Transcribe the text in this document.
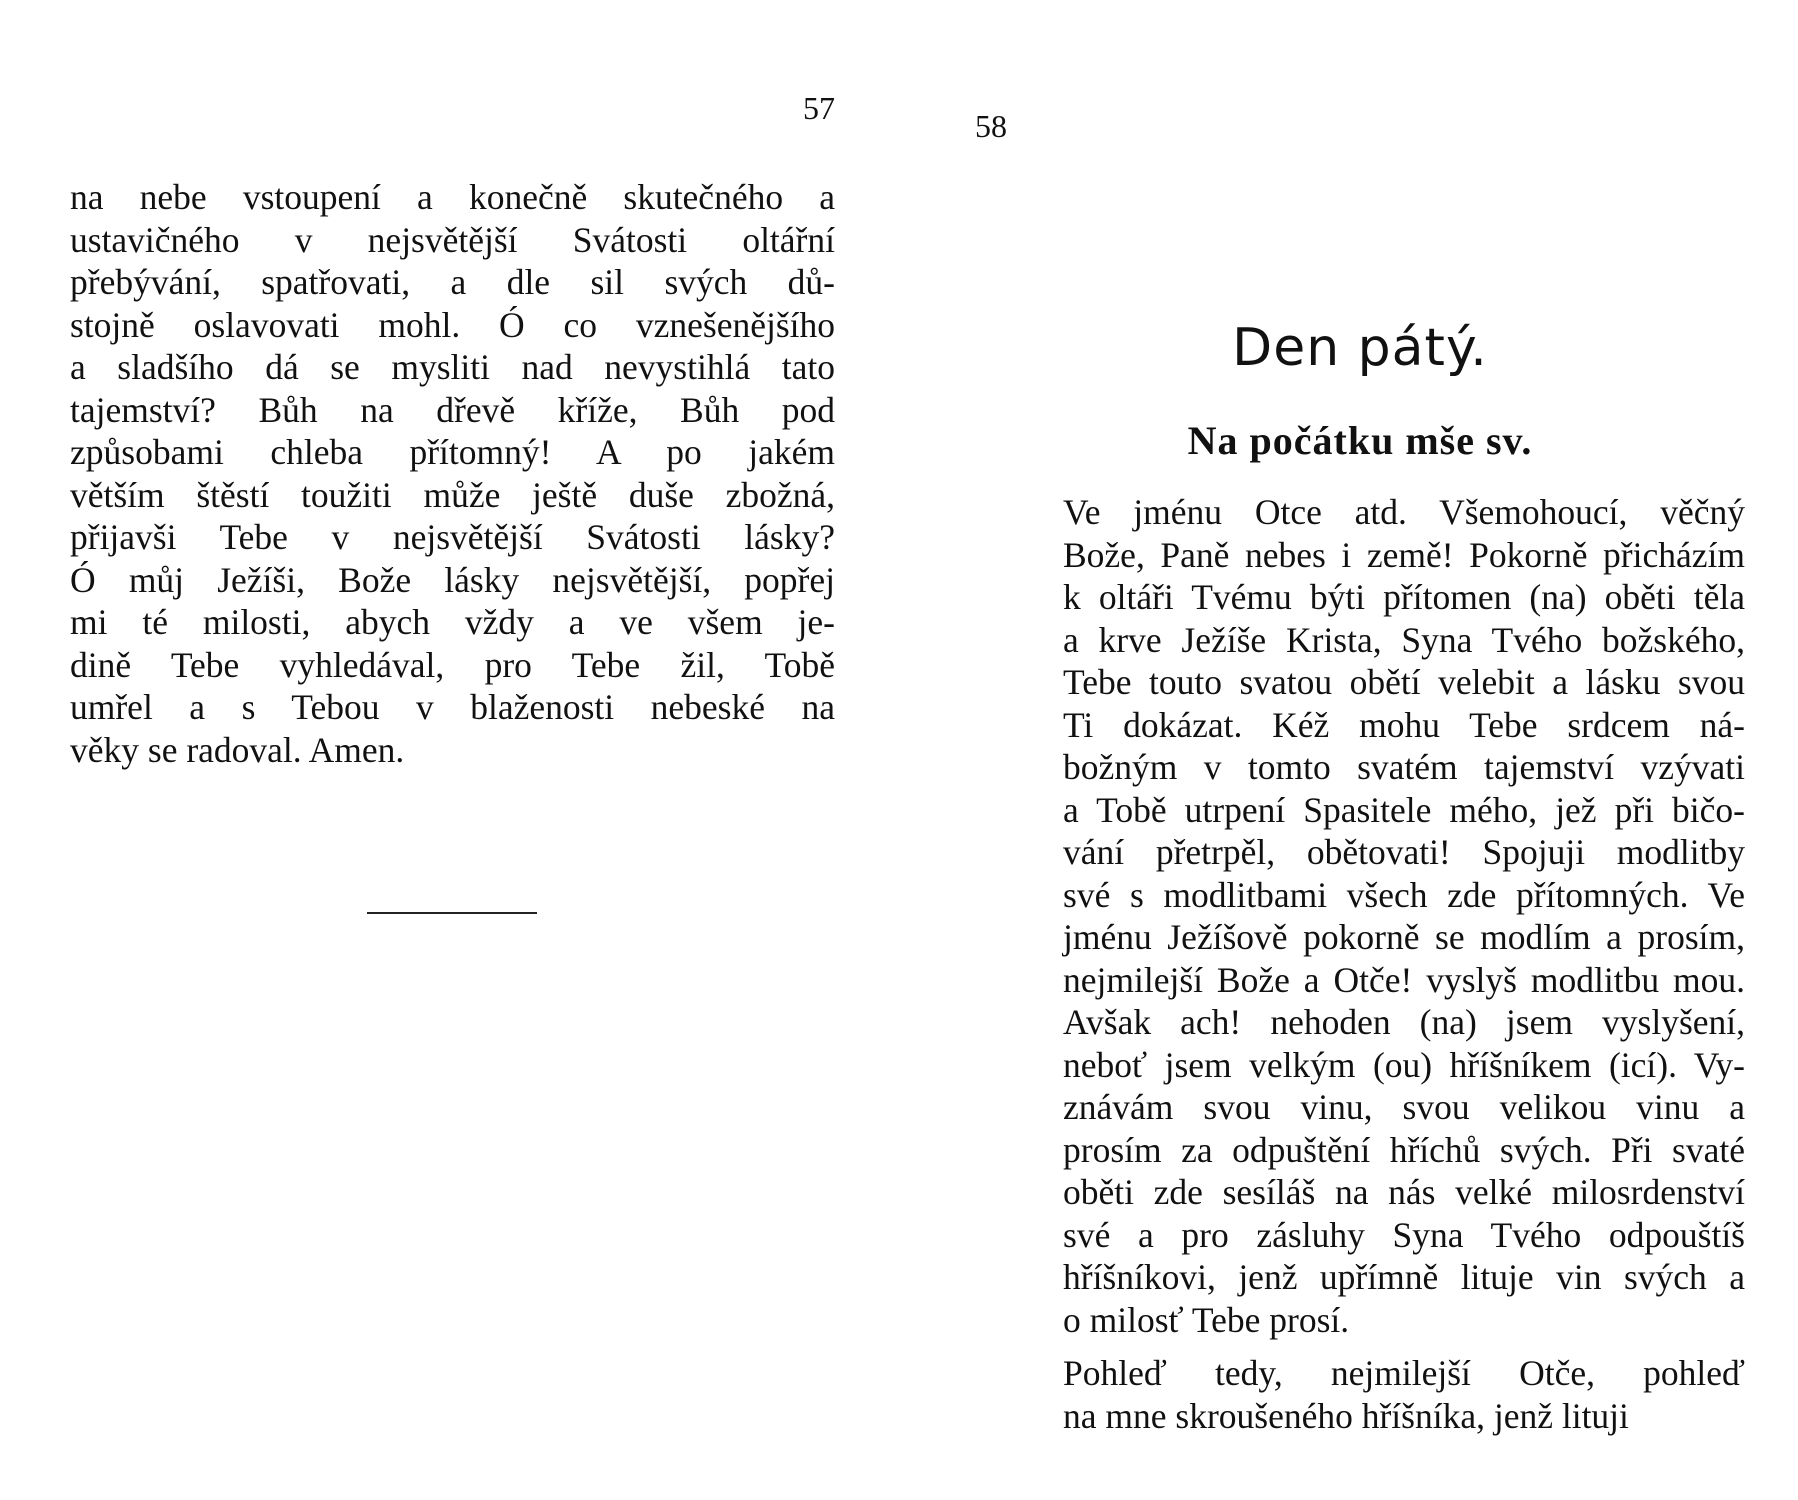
57
na nebe vstoupení a konečně skutečného a
ustavičného v nejsvětější Svátosti oltářní
přebývání, spatřovati, a dle sil svých dů-
stojně oslavovati mohl. Ó co vznešenějšího
a sladšího dá se mysliti nad nevystihlá tato
tajemství? Bůh na dřevě kříže, Bůh pod
způsobami chleba přítomný! A po jakém
větším štěstí toužiti může ještě duše zbožná,
přijavši Tebe v nejsvětější Svátosti lásky?
Ó můj Ježíši, Bože lásky nejsvětější, popřej
mi té milosti, abych vždy a ve všem je-
dině Tebe vyhledával, pro Tebe žil, Tobě
umřel a s Tebou v blaženosti nebeské na
věky se radoval. Amen.
58
Den pátý.
Na počátku mše sv.
Ve jménu Otce atd. Všemohoucí, věčný
Bože, Paně nebes i země! Pokorně přicházím
k oltáři Tvému býti přítomen (na) oběti těla
a krve Ježíše Krista, Syna Tvého božského,
Tebe touto svatou obětí velebit a lásku svou
Ti dokázat. Kéž mohu Tebe srdcem ná-
božným v tomto svatém tajemství vzývati
a Tobě utrpení Spasitele mého, jež při bičo-
vání přetrpěl, obětovati! Spojuji modlitby
své s modlitbami všech zde přítomných. Ve
jménu Ježíšově pokorně se modlím a prosím,
nejmilejší Bože a Otče! vyslyš modlitbu mou.
Avšak ach! nehoden (na) jsem vyslyšení,
neboť jsem velkým (ou) hříšníkem (icí). Vy-
znávám svou vinu, svou velikou vinu a
prosím za odpuštění hříchů svých. Při svaté
oběti zde sesíláš na nás velké milosrdenství
své a pro zásluhy Syna Tvého odpouštíš
hříšníkovi, jenž upřímně lituje vin svých a
o milosť Tebe prosí.
Pohleď tedy, nejmilejší Otče, pohleď
na mne skroušeného hříšníka, jenž lituji
